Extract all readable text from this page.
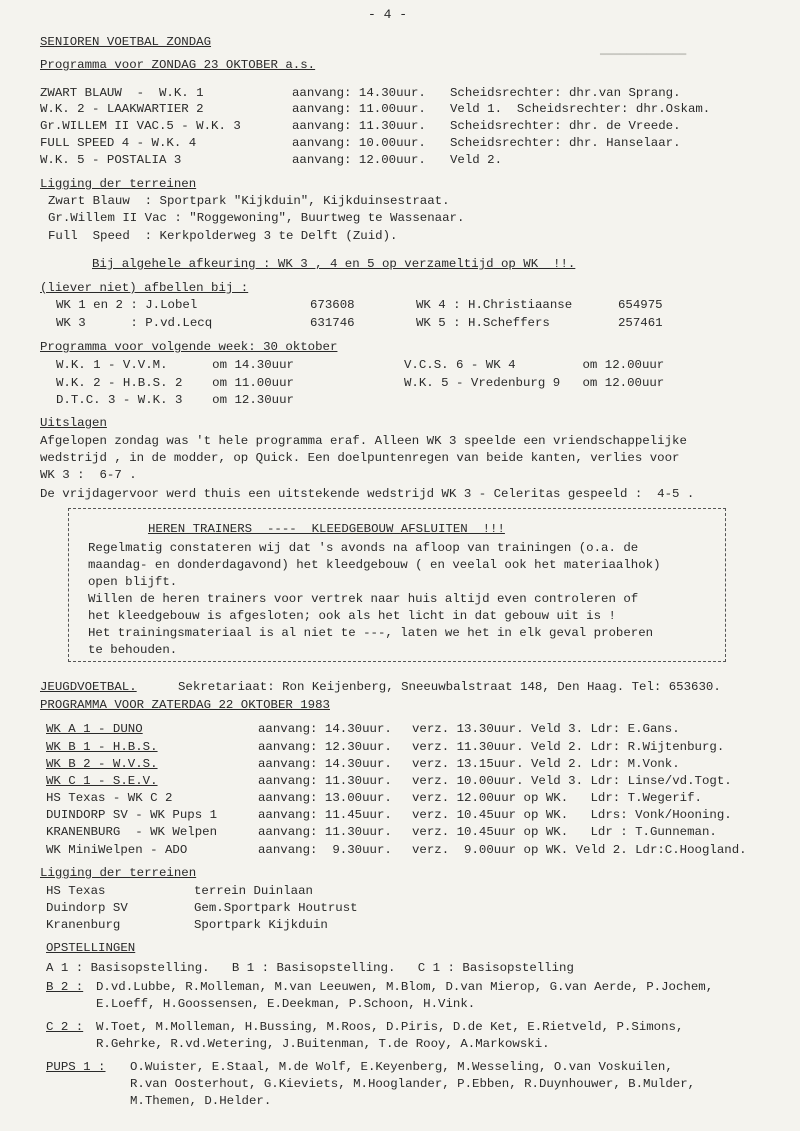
━━━━━━━━━━━━━
- 4 -
SENIOREN VOETBAL ZONDAG
Programma voor ZONDAG 23 OKTOBER a.s.
ZWART BLAUW  -  W.K. 1	aanvang: 14.30uur. Scheidsrechter: dhr.van Sprang.
W.K. 2 - LAAKWARTIER 2	aanvang: 11.00uur. Veld 1.  Scheidsrechter: dhr.Oskam.
Gr.WILLEM II VAC.5 - W.K. 3	aanvang: 11.30uur. Scheidsrechter: dhr. de Vreede.
FULL SPEED 4 - W.K. 4	aanvang: 10.00uur. Scheidsrechter: dhr. Hanselaar.
W.K. 5 - POSTALIA 3	aanvang: 12.00uur. Veld 2.
Ligging der terreinen
Zwart Blauw  : Sportpark "Kijkduin", Kijkduinsestraat.
Gr.Willem II Vac : "Roggewoning", Buurtweg te Wassenaar.
Full  Speed  : Kerkpolderweg 3 te Delft (Zuid).
Bij algehele afkeuring : WK 3 , 4 en 5 op verzameltijd op WK  !!.
(liever niet) afbellen bij :
WK 1 en 2 : J.Lobel	673608	WK 4 : H.Christiaanse	654975
WK 3      : P.vd.Lecq	631746	WK 5 : H.Scheffers	257461
Programma voor volgende week: 30 oktober
W.K. 1 - V.V.M.      om 14.30uur	V.C.S. 6 - WK 4         om 12.00uur
W.K. 2 - H.B.S. 2    om 11.00uur	W.K. 5 - Vredenburg 9   om 12.00uur
D.T.C. 3 - W.K. 3    om 12.30uur
Uitslagen
Afgelopen zondag was 't hele programma eraf. Alleen WK 3 speelde een vriendschappelijke
wedstrijd , in de modder, op Quick. Een doelpuntenregen van beide kanten, verlies voor
WK 3 :  6-7 .
De vrijdagervoor werd thuis een uitstekende wedstrijd WK 3 - Celeritas gespeeld :  4-5 .
HEREN TRAINERS  ----  KLEEDGEBOUW AFSLUITEN  !!!
Regelmatig constateren wij dat 's avonds na afloop van trainingen (o.a. de
maandag- en donderdagavond) het kleedgebouw ( en veelal ook het materiaalhok)
open blijft.
Willen de heren trainers voor vertrek naar huis altijd even controleren of
het kleedgebouw is afgesloten; ook als het licht in dat gebouw uit is !
Het trainingsmateriaal is al niet te ---, laten we het in elk geval proberen
te behouden.
JEUGDVOETBAL.	Sekretariaat: Ron Keijenberg, Sneeuwbalstraat 148, Den Haag. Tel: 653630.
PROGRAMMA VOOR ZATERDAG 22 OKTOBER 1983
WK A 1 - DUNO	aanvang: 14.30uur. verz. 13.30uur. Veld 3. Ldr: E.Gans.
WK B 1 - H.B.S.	aanvang: 12.30uur. verz. 11.30uur. Veld 2. Ldr: R.Wijtenburg.
WK B 2 - W.V.S.	aanvang: 14.30uur. verz. 13.15uur. Veld 2. Ldr: M.Vonk.
WK C 1 - S.E.V.	aanvang: 11.30uur. verz. 10.00uur. Veld 3. Ldr: Linse/vd.Togt.
HS Texas - WK C 2	aanvang: 13.00uur. verz. 12.00uur op WK.   Ldr: T.Wegerif.
DUINDORP SV - WK Pups 1	aanvang: 11.45uur. verz. 10.45uur op WK.   Ldrs: Vonk/Hooning.
KRANENBURG  - WK Welpen	aanvang: 11.30uur. verz. 10.45uur op WK.   Ldr : T.Gunneman.
WK MiniWelpen - ADO	aanvang:  9.30uur. verz.  9.00uur op WK. Veld 2. Ldr:C.Hoogland.
Ligging der terreinen
HS Texas	terrein Duinlaan
Duindorp SV	Gem.Sportpark Houtrust
Kranenburg	Sportpark Kijkduin
OPSTELLINGEN
A 1 : Basisopstelling.   B 1 : Basisopstelling.   C 1 : Basisopstelling
B 2 : D.vd.Lubbe, R.Molleman, M.van Leeuwen, M.Blom, D.van Mierop, G.van Aerde, P.Jochem,
E.Loeff, H.Goossensen, E.Deekman, P.Schoon, H.Vink.
C 2 : W.Toet, M.Molleman, H.Bussing, M.Roos, D.Piris, D.de Ket, E.Rietveld, P.Simons,
R.Gehrke, R.vd.Wetering, J.Buitenman, T.de Rooy, A.Markowski.
PUPS 1 : O.Wuister, E.Staal, M.de Wolf, E.Keyenberg, M.Wesseling, O.van Voskuilen,
R.van Oosterhout, G.Kieviets, M.Hooglander, P.Ebben, R.Duynhouwer, B.Mulder,
M.Themen, D.Helder.
